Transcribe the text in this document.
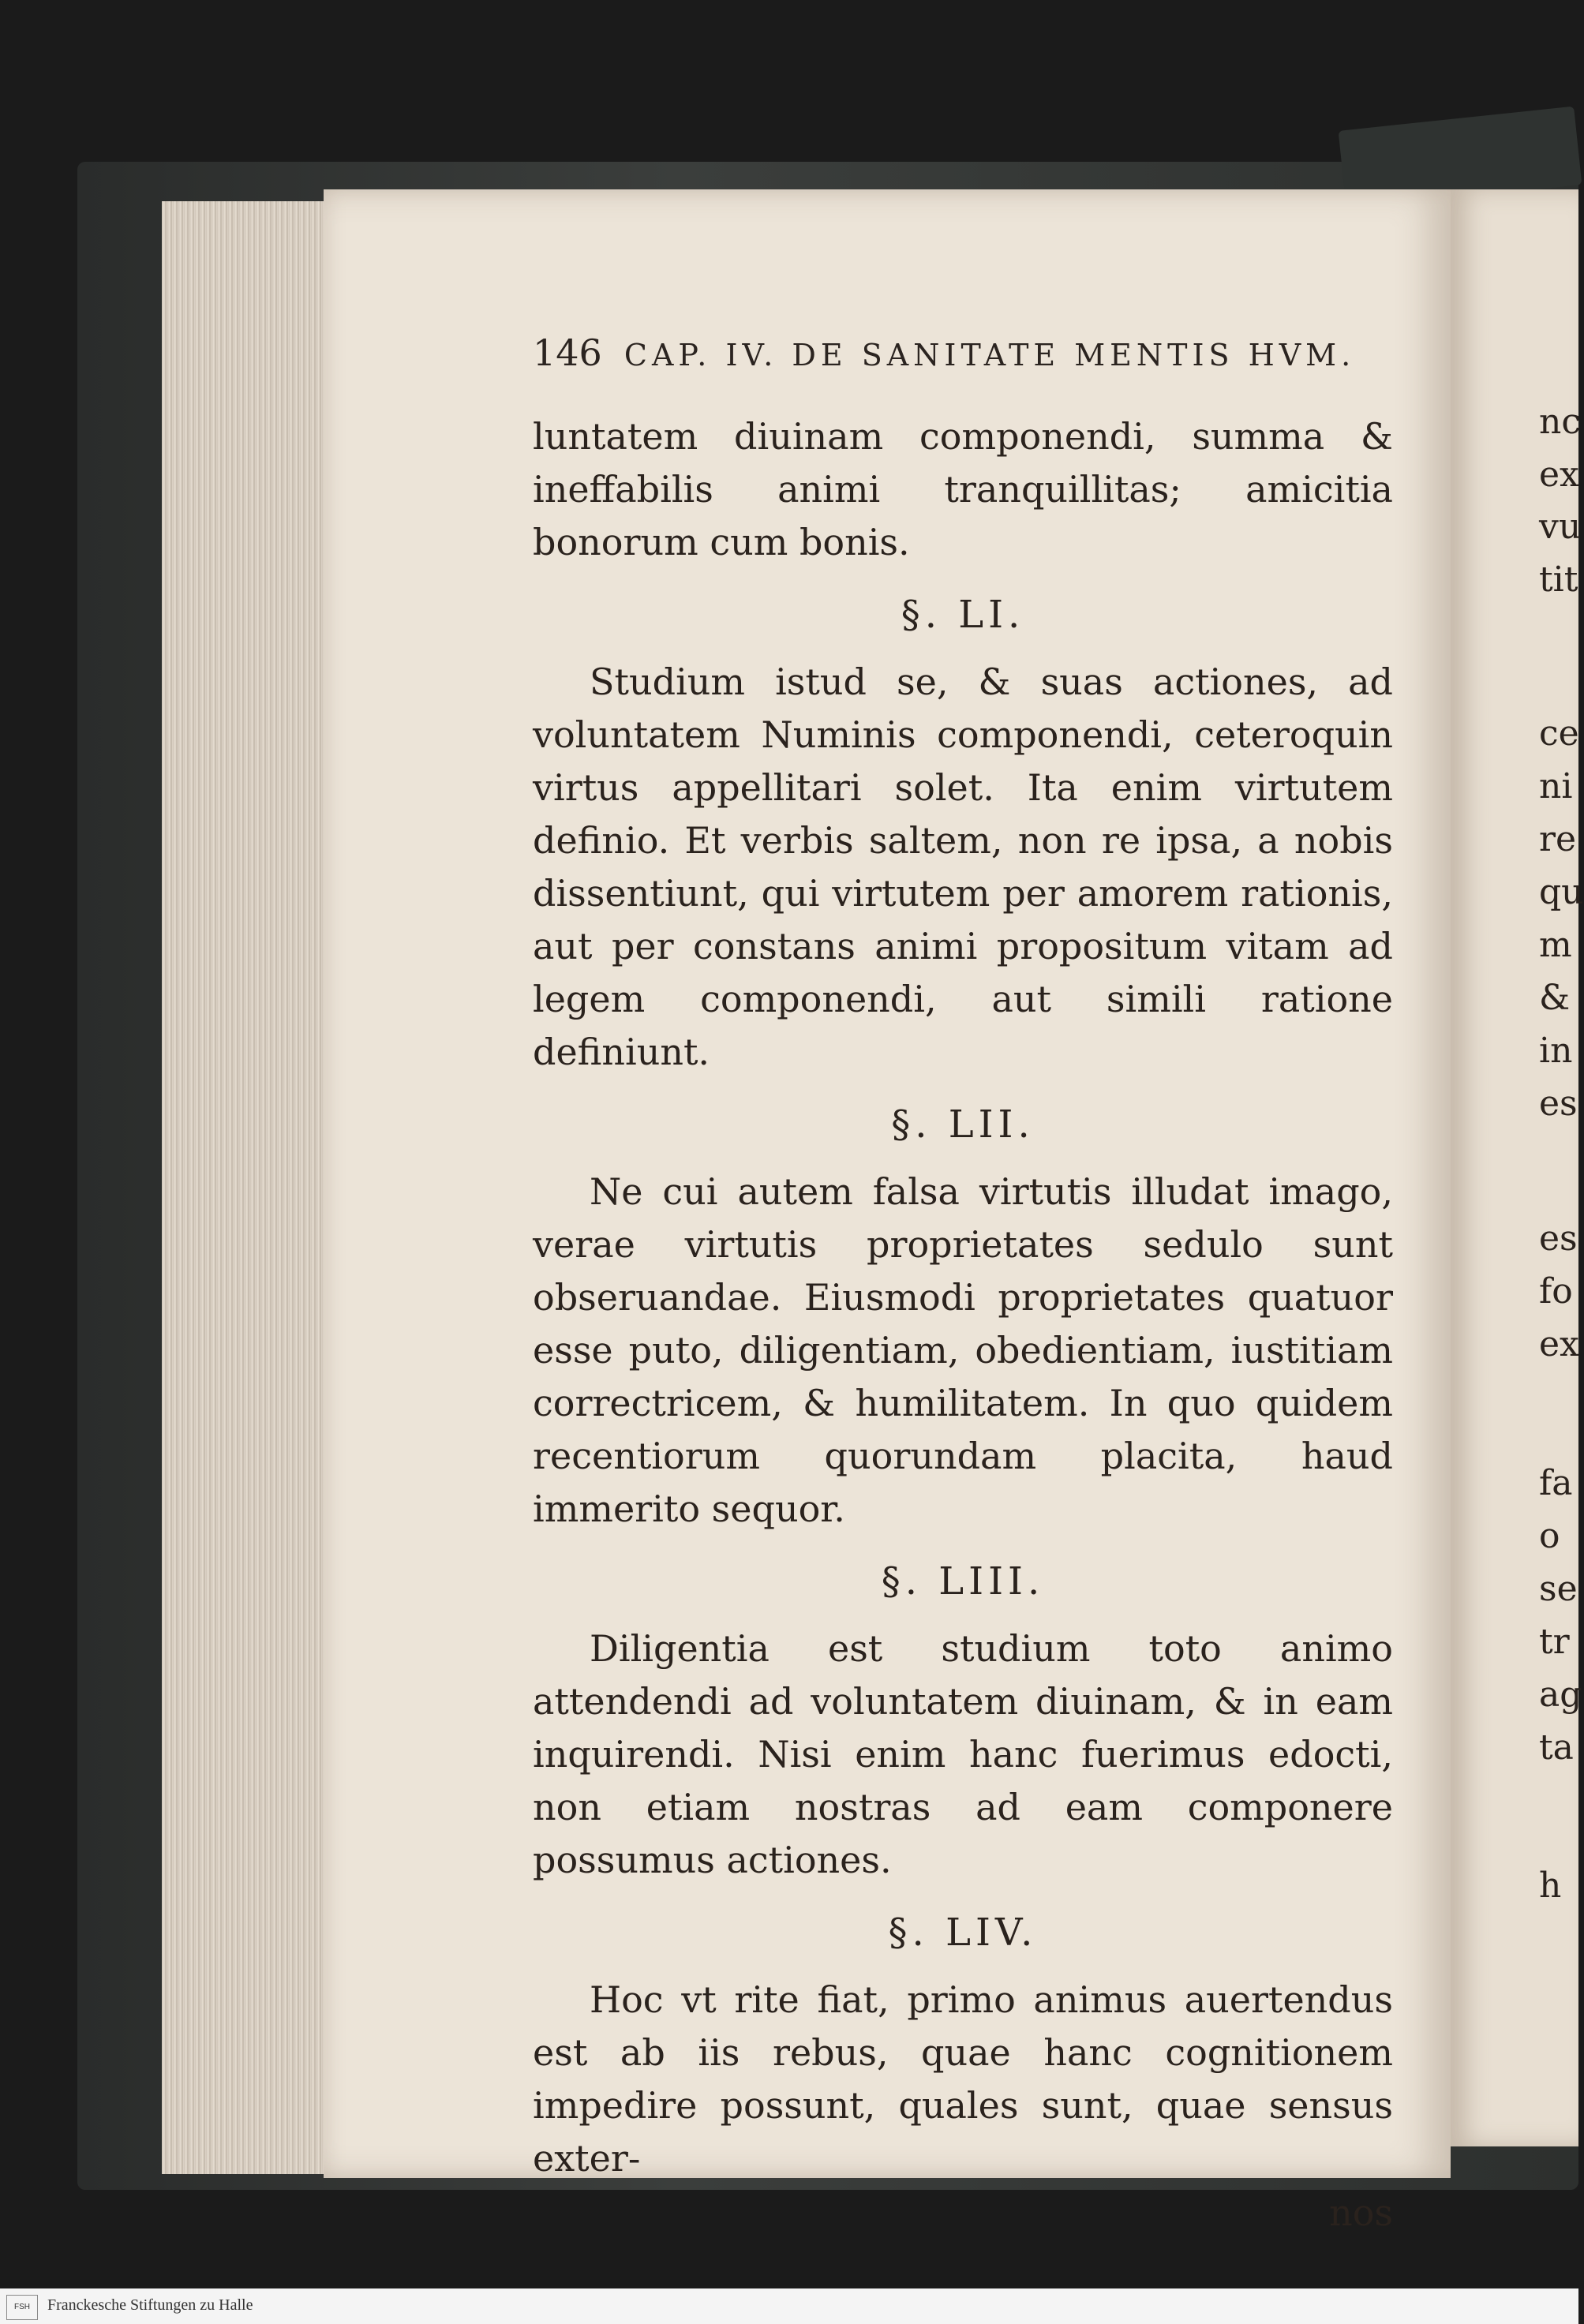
nc
ex
vu
tit
ce
ni
re
qu
m
&
in
es
es
fo
ex
fa
o
se
tr
ag
ta
h
146 CAP. IV. DE SANITATE MENTIS HVM.

luntatem diuinam componendi, summa & ineffabilis animi tranquillitas; amicitia bonorum cum bonis.

§. LI.

Studium istud se, & suas actiones, ad voluntatem Numinis componendi, ceteroquin virtus appellitari solet. Ita enim virtutem definio. Et verbis saltem, non re ipsa, a nobis dissentiunt, qui virtutem per amorem rationis, aut per constans animi propositum vitam ad legem componendi, aut simili ratione definiunt.

§. LII.

Ne cui autem falsa virtutis illudat imago, verae virtutis proprietates sedulo sunt obseruandae. Eiusmodi proprietates quatuor esse puto, diligentiam, obedientiam, iustitiam correctricem, & humilitatem. In quo quidem recentiorum quorundam placita, haud immerito sequor.

§. LIII.

Diligentia est studium toto animo attendendi ad voluntatem diuinam, & in eam inquirendi. Nisi enim hanc fuerimus edocti, non etiam nostras ad eam componere possumus actiones.

§. LIV.

Hoc vt rite fiat, primo animus auertendus est ab iis rebus, quae hanc cognitionem impedire possunt, quales sunt, quae sensus exter-

nos
FSH	Franckesche Stiftungen zu Halle
